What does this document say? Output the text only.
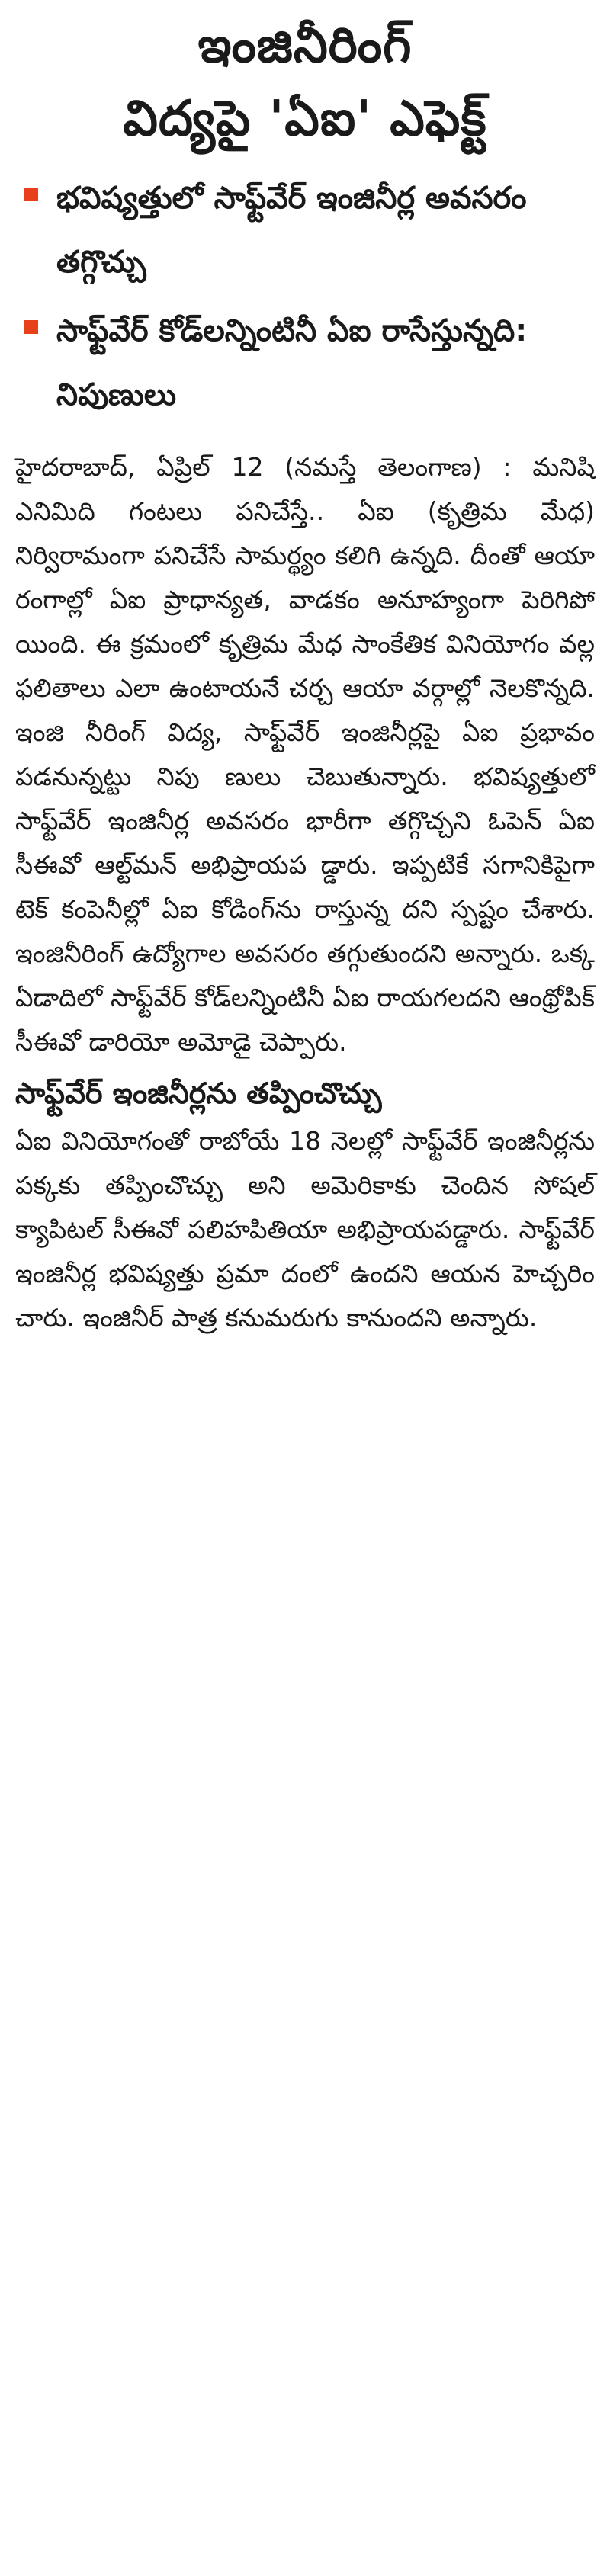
ఇంజినీరింగ్
విద్యపై 'ఏఐ' ఎఫెక్ట్
భవిష్యత్తులో సాఫ్ట్‌వేర్ ఇంజినీర్ల అవసరం తగ్గొచ్చు
సాఫ్ట్‌వేర్ కోడ్‌లన్నింటినీ ఏఐ రాసేస్తున్నది: నిపుణులు

హైదరాబాద్, ఏప్రిల్ 12 (నమస్తే తెలంగాణ) : మనిషి ఎనిమిది గంటలు పనిచేస్తే.. ఏఐ (కృత్రిమ మేధ) నిర్విరామంగా పనిచేసే సామర్థ్యం కలిగి ఉన్నది. దీంతో ఆయా రంగాల్లో ఏఐ ప్రాధాన్యత, వాడకం అనూహ్యంగా పెరిగిపో యింది. ఈ క్రమంలో కృత్రిమ మేధ సాంకేతిక వినియోగం వల్ల ఫలితాలు ఎలా ఉంటాయనే చర్చ ఆయా వర్గాల్లో నెలకొన్నది. ఇంజి నీరింగ్ విద్య, సాఫ్ట్‌వేర్ ఇంజినీర్లపై ఏఐ ప్రభావం పడనున్నట్టు నిపు ణులు చెబుతున్నారు. భవిష్యత్తులో సాఫ్ట్‌వేర్ ఇంజినీర్ల అవసరం భారీగా తగ్గొచ్చని ఓపెన్ ఏఐ సీఈవో ఆల్ట్‌మన్ అభిప్రాయప డ్డారు. ఇప్పటికే సగానికిపైగా టెక్ కంపెనీల్లో ఏఐ కోడింగ్‌ను రాస్తున్న దని స్పష్టం చేశారు. ఇంజినీరింగ్ ఉద్యోగాల అవసరం తగ్గుతుందని అన్నారు. ఒక్క ఏడాదిలో సాఫ్ట్‌వేర్ కోడ్‌లన్నింటినీ ఏఐ రాయగలదని ఆంథ్రోపిక్ సీఈవో డారియో అమోడై చెప్పారు.

సాఫ్ట్‌వేర్ ఇంజినీర్లను తప్పించొచ్చు

ఏఐ వినియోగంతో రాబోయే 18 నెలల్లో సాఫ్ట్‌వేర్ ఇంజినీర్లను పక్కకు తప్పించొచ్చు అని అమెరికాకు చెందిన సోషల్ క్యాపిటల్ సీఈవో పలిహపితియా అభిప్రాయపడ్డారు. సాఫ్ట్‌వేర్ ఇంజినీర్ల భవిష్యత్తు ప్రమా దంలో ఉందని ఆయన హెచ్చరిం చారు. ఇంజినీర్ పాత్ర కనుమరుగు కానుందని అన్నారు.
